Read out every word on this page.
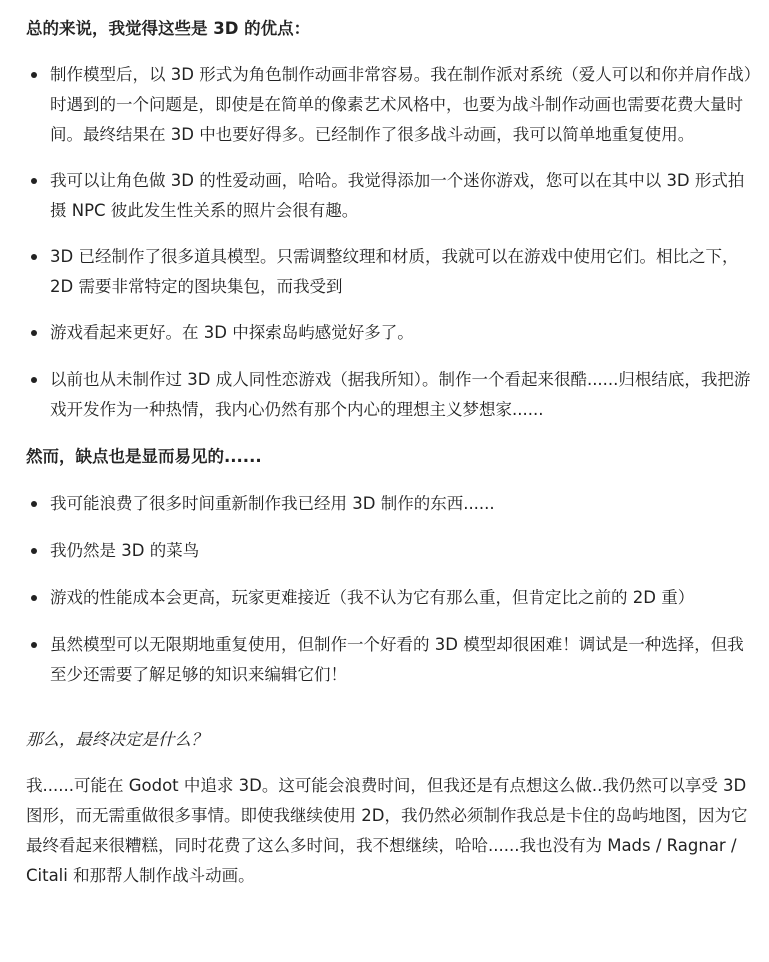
总的来说，我觉得这些是 3D 的优点：

制作模型后，以 3D 形式为角色制作动画非常容易。我在制作派对系统（爱人可以和你并肩作战）时遇到的一个问题是，即使是在简单的像素艺术风格中，也要为战斗制作动画也需要花费大量时间。最终结果在 3D 中也要好得多。已经制作了很多战斗动画，我可以简单地重复使用。
我可以让角色做 3D 的性爱动画，哈哈。我觉得添加一个迷你游戏，您可以在其中以 3D 形式拍摄 NPC 彼此发生性关系的照片会很有趣。
3D 已经制作了很多道具模型。只需调整纹理和材质，我就可以在游戏中使用它们。相比之下，2D 需要非常特定的图块集包，而我受到
游戏看起来更好。在 3D 中探索岛屿感觉好多了。
以前也从未制作过 3D 成人同性恋游戏（据我所知）。制作一个看起来很酷......归根结底，我把游戏开发作为一种热情，我内心仍然有那个内心的理想主义梦想家......

然而，缺点也是显而易见的......

我可能浪费了很多时间重新制作我已经用 3D 制作的东西......
我仍然是 3D 的菜鸟
游戏的性能成本会更高，玩家更难接近（我不认为它有那么重，但肯定比之前的 2D 重）
虽然模型可以无限期地重复使用，但制作一个好看的 3D 模型却很困难！调试是一种选择，但我至少还需要了解足够的知识来编辑它们！

那么，最终决定是什么？

我......可能在 Godot 中追求 3D。这可能会浪费时间，但我还是有点想这么做..我仍然可以享受 3D 图形，而无需重做很多事情。即使我继续使用 2D，我仍然必须制作我总是卡住的岛屿地图，因为它最终看起来很糟糕，同时花费了这么多时间，我不想继续，哈哈......我也没有为 Mads / Ragnar / Citali 和那帮人制作战斗动画。
